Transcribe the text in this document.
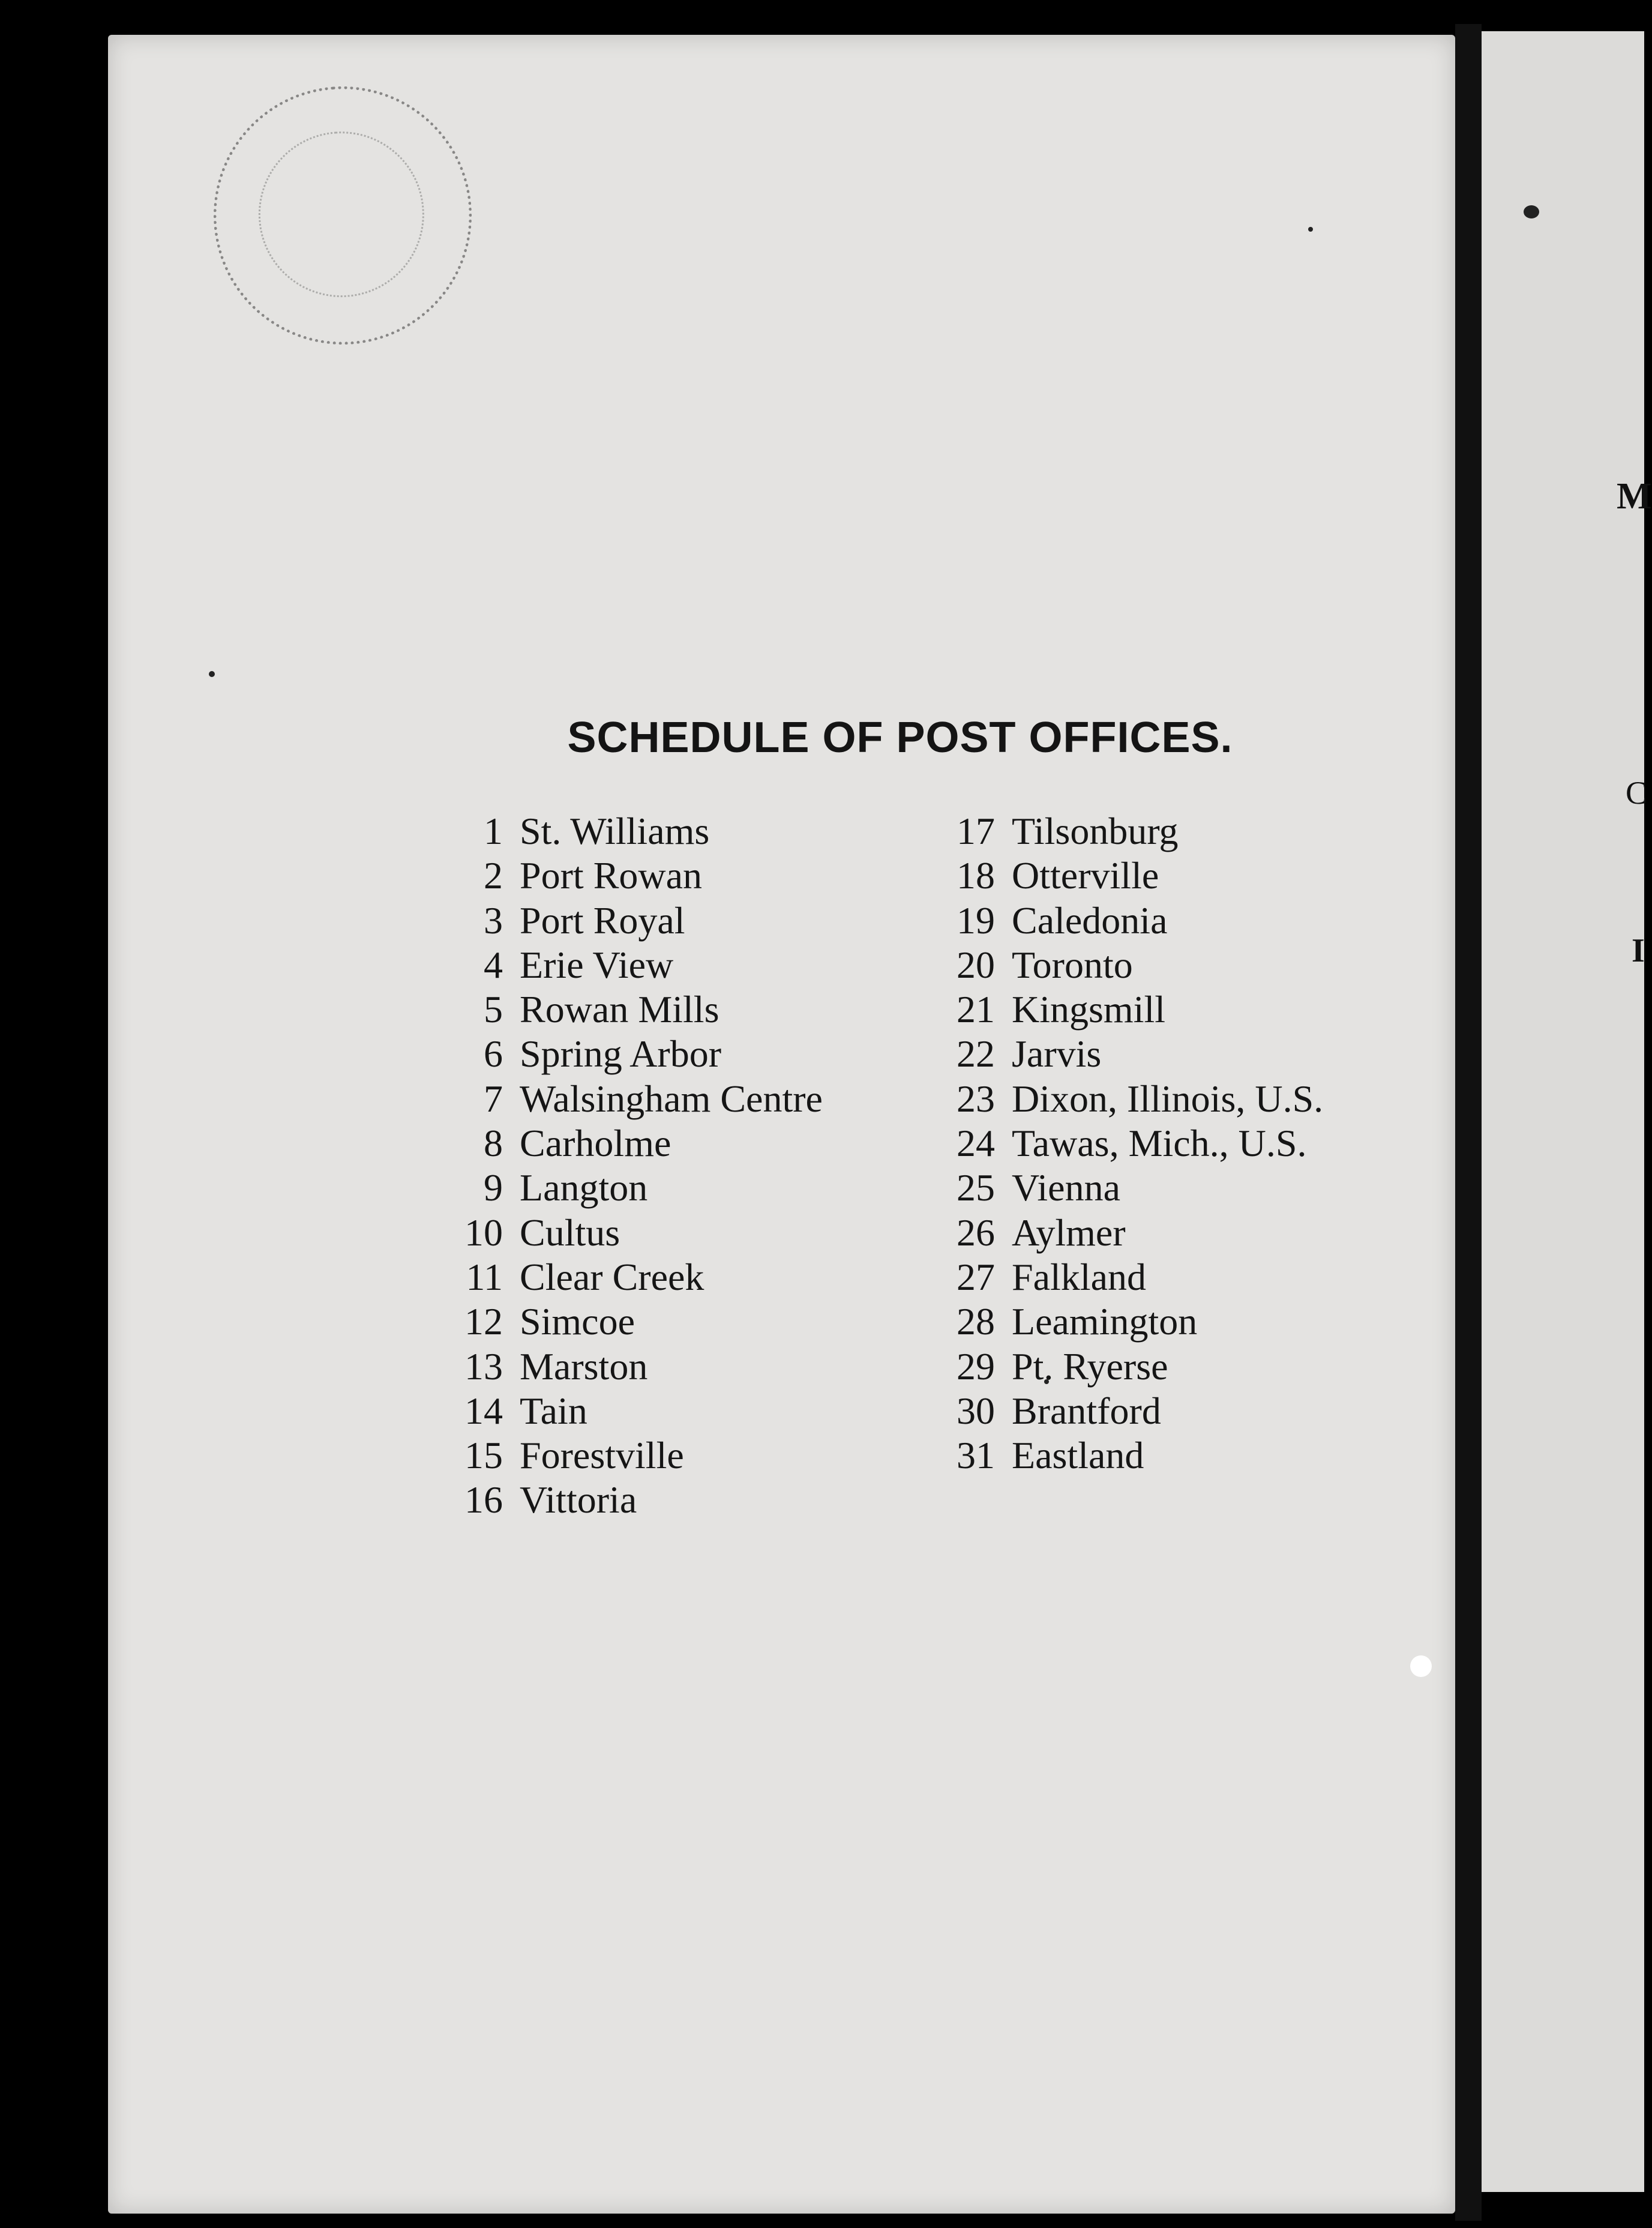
SCHEDULE OF POST OFFICES.
1 St. Williams
2 Port Rowan
3 Port Royal
4 Erie View
5 Rowan Mills
6 Spring Arbor
7 Walsingham Centre
8 Carholme
9 Langton
10 Cultus
11 Clear Creek
12 Simcoe
13 Marston
14 Tain
15 Forestville
16 Vittoria
17 Tilsonburg
18 Otterville
19 Caledonia
20 Toronto
21 Kingsmill
22 Jarvis
23 Dixon, Illinois, U.S.
24 Tawas, Mich., U.S.
25 Vienna
26 Aylmer
27 Falkland
28 Leamington
29 Pt. Ryerse
30 Brantford
31 Eastland
M
C
I
